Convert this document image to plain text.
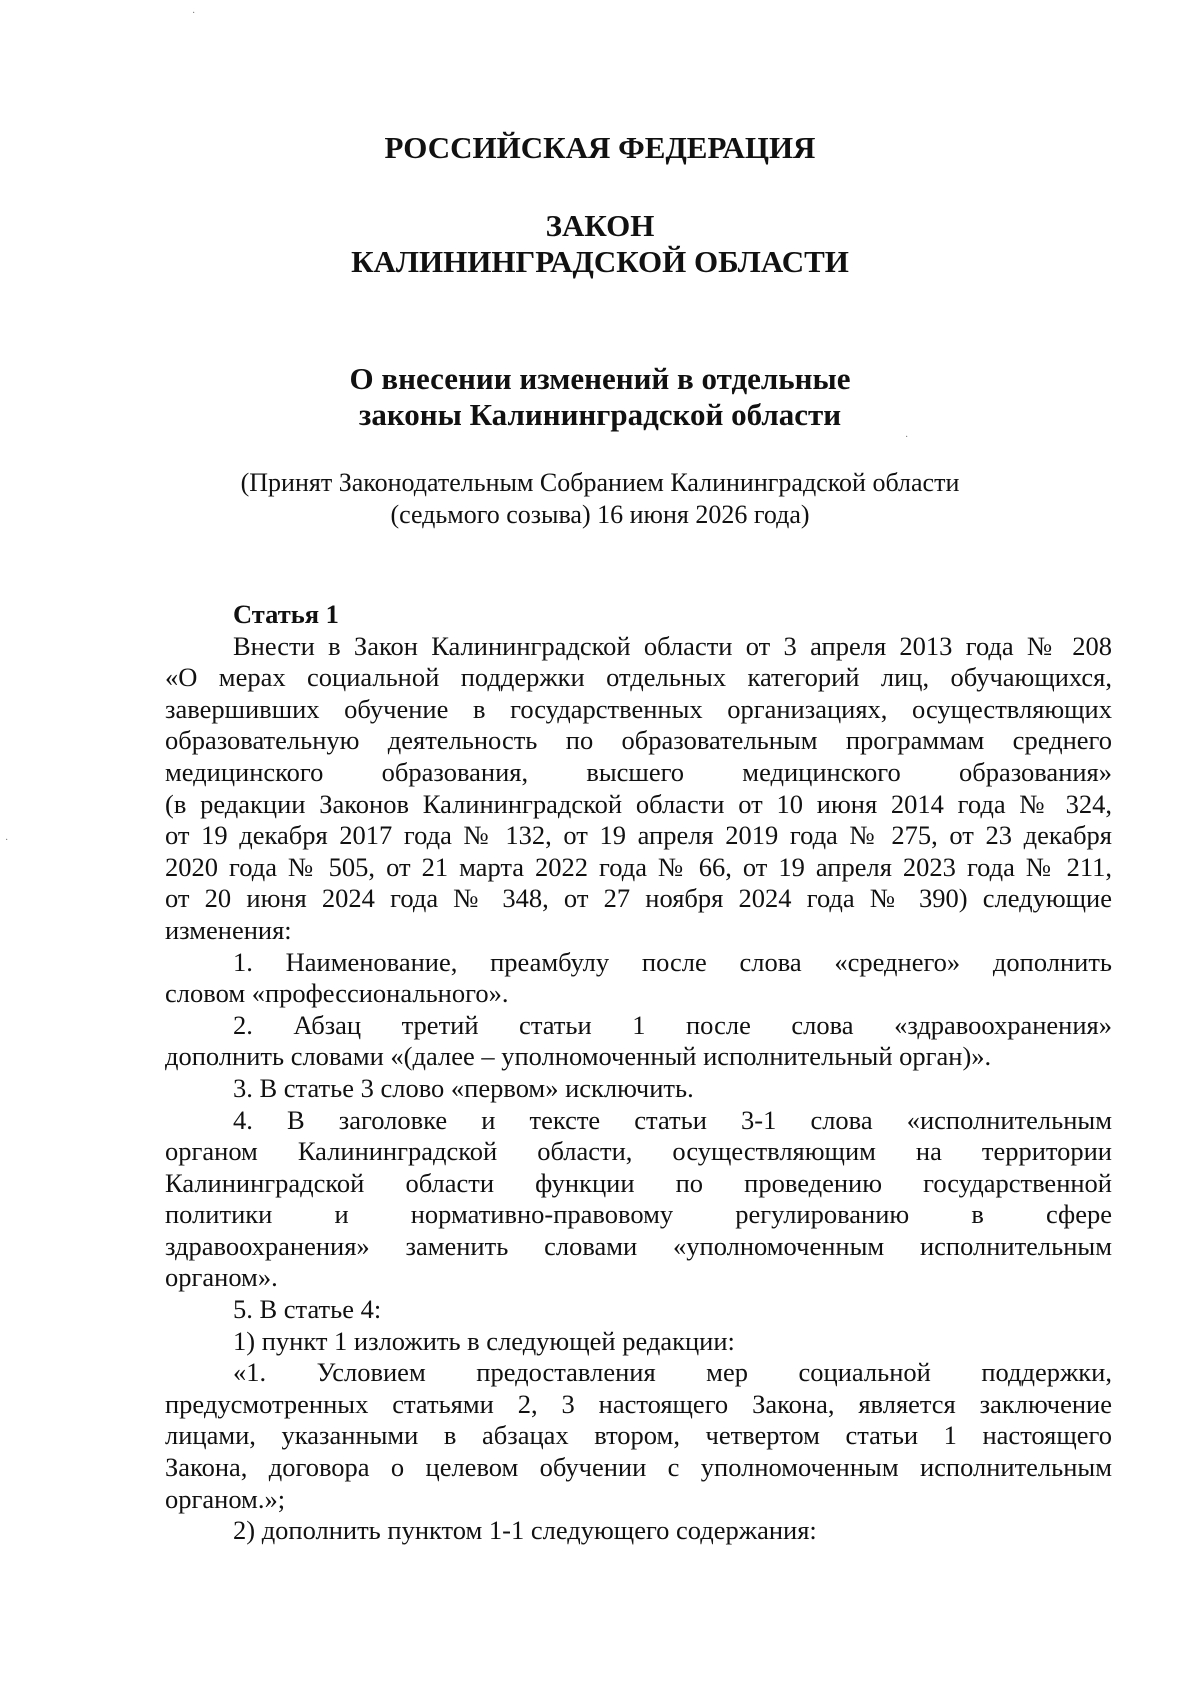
РОССИЙСКАЯ ФЕДЕРАЦИЯ

ЗАКОН

КАЛИНИНГРАДСКОЙ ОБЛАСТИ

О внесении изменений в отдельные

законы Калининградской области

(Принят Законодательным Собранием Калининградской области

(седьмого созыва) 16 июня 2026 года)

Статья 1

Внести в Закон Калининградской области от 3 апреля 2013 года № 208

«О мерах социальной поддержки отдельных категорий лиц, обучающихся,

завершивших обучение в государственных организациях, осуществляющих

образовательную деятельность по образовательным программам среднего

медицинского образования, высшего медицинского образования»

(в редакции Законов Калининградской области от 10 июня 2014 года № 324,

от 19 декабря 2017 года № 132, от 19 апреля 2019 года № 275, от 23 декабря

2020 года № 505, от 21 марта 2022 года № 66, от 19 апреля 2023 года № 211,

от 20 июня 2024 года № 348, от 27 ноября 2024 года № 390) следующие

изменения:

1. Наименование, преамбулу после слова «среднего» дополнить

словом «профессионального».

2. Абзац третий статьи 1 после слова «здравоохранения»

дополнить словами «(далее – уполномоченный исполнительный орган)».

3. В статье 3 слово «первом» исключить.

4. В заголовке и тексте статьи 3-1 слова «исполнительным

органом Калининградской области, осуществляющим на территории

Калининградской области функции по проведению государственной

политики и нормативно-правовому регулированию в сфере

здравоохранения» заменить словами «уполномоченным исполнительным

органом».

5. В статье 4:

1) пункт 1 изложить в следующей редакции:

«1. Условием предоставления мер социальной поддержки,

предусмотренных статьями 2, 3 настоящего Закона, является заключение

лицами, указанными в абзацах втором, четвертом статьи 1 настоящего

Закона, договора о целевом обучении с уполномоченным исполнительным

органом.»;

2) дополнить пунктом 1-1 следующего содержания:

·
·
·
